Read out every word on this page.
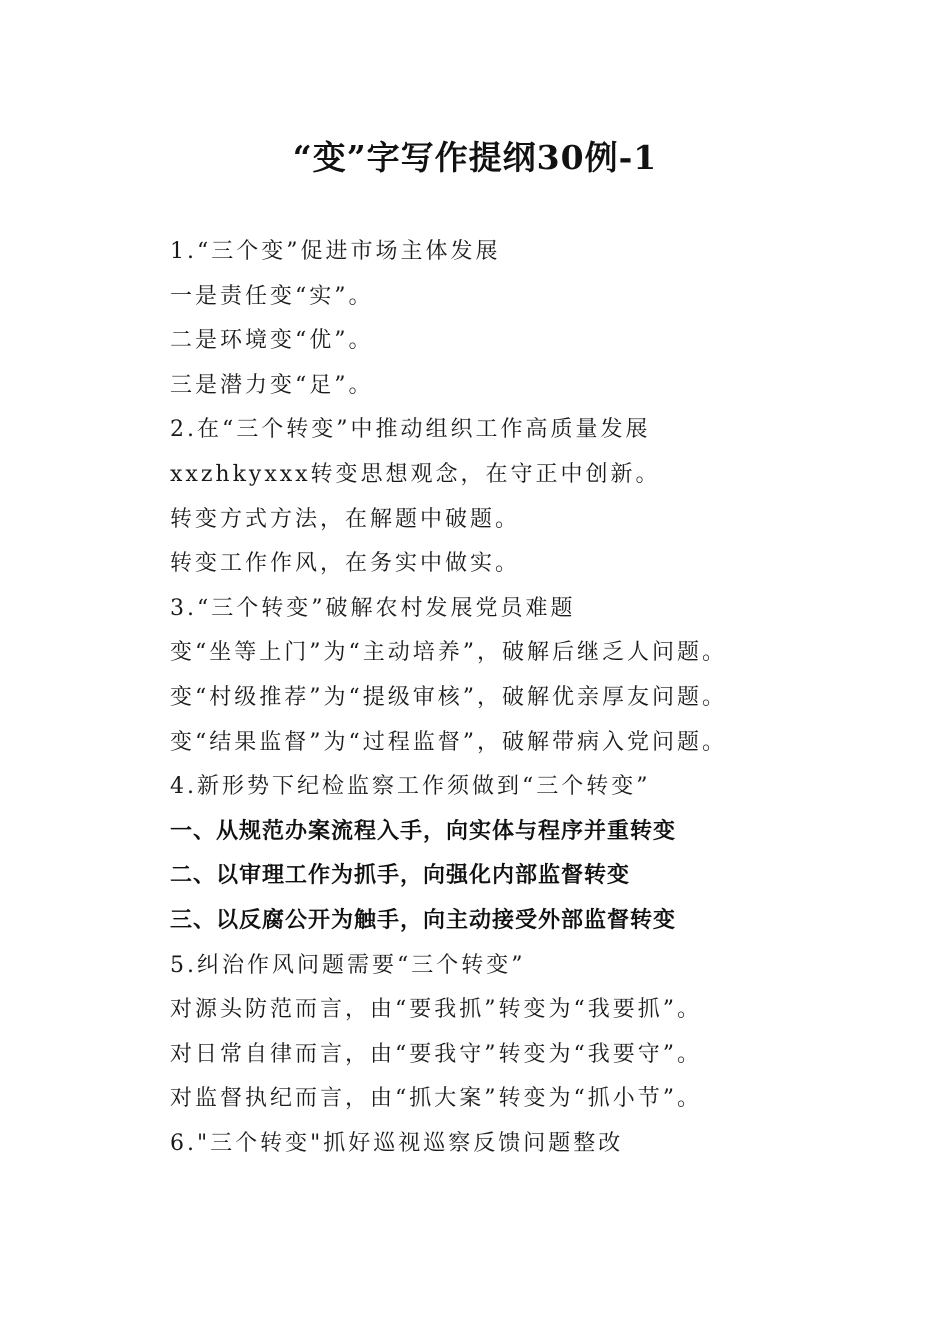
“变”字写作提纲30例-1
1.“三个变”促进市场主体发展
一是责任变“实”。
二是环境变“优”。
三是潜力变“足”。
2.在“三个转变”中推动组织工作高质量发展
xxzhkyxxx转变思想观念，在守正中创新。
转变方式方法，在解题中破题。
转变工作作风，在务实中做实。
3.“三个转变”破解农村发展党员难题
变“坐等上门”为“主动培养”，破解后继乏人问题。
变“村级推荐”为“提级审核”，破解优亲厚友问题。
变“结果监督”为“过程监督”，破解带病入党问题。
4.新形势下纪检监察工作须做到“三个转变”
一、从规范办案流程入手，向实体与程序并重转变
二、以审理工作为抓手，向强化内部监督转变
三、以反腐公开为触手，向主动接受外部监督转变
5.纠治作风问题需要“三个转变”
对源头防范而言，由“要我抓”转变为“我要抓”。
对日常自律而言，由“要我守”转变为“我要守”。
对监督执纪而言，由“抓大案”转变为“抓小节”。
6."三个转变"抓好巡视巡察反馈问题整改
